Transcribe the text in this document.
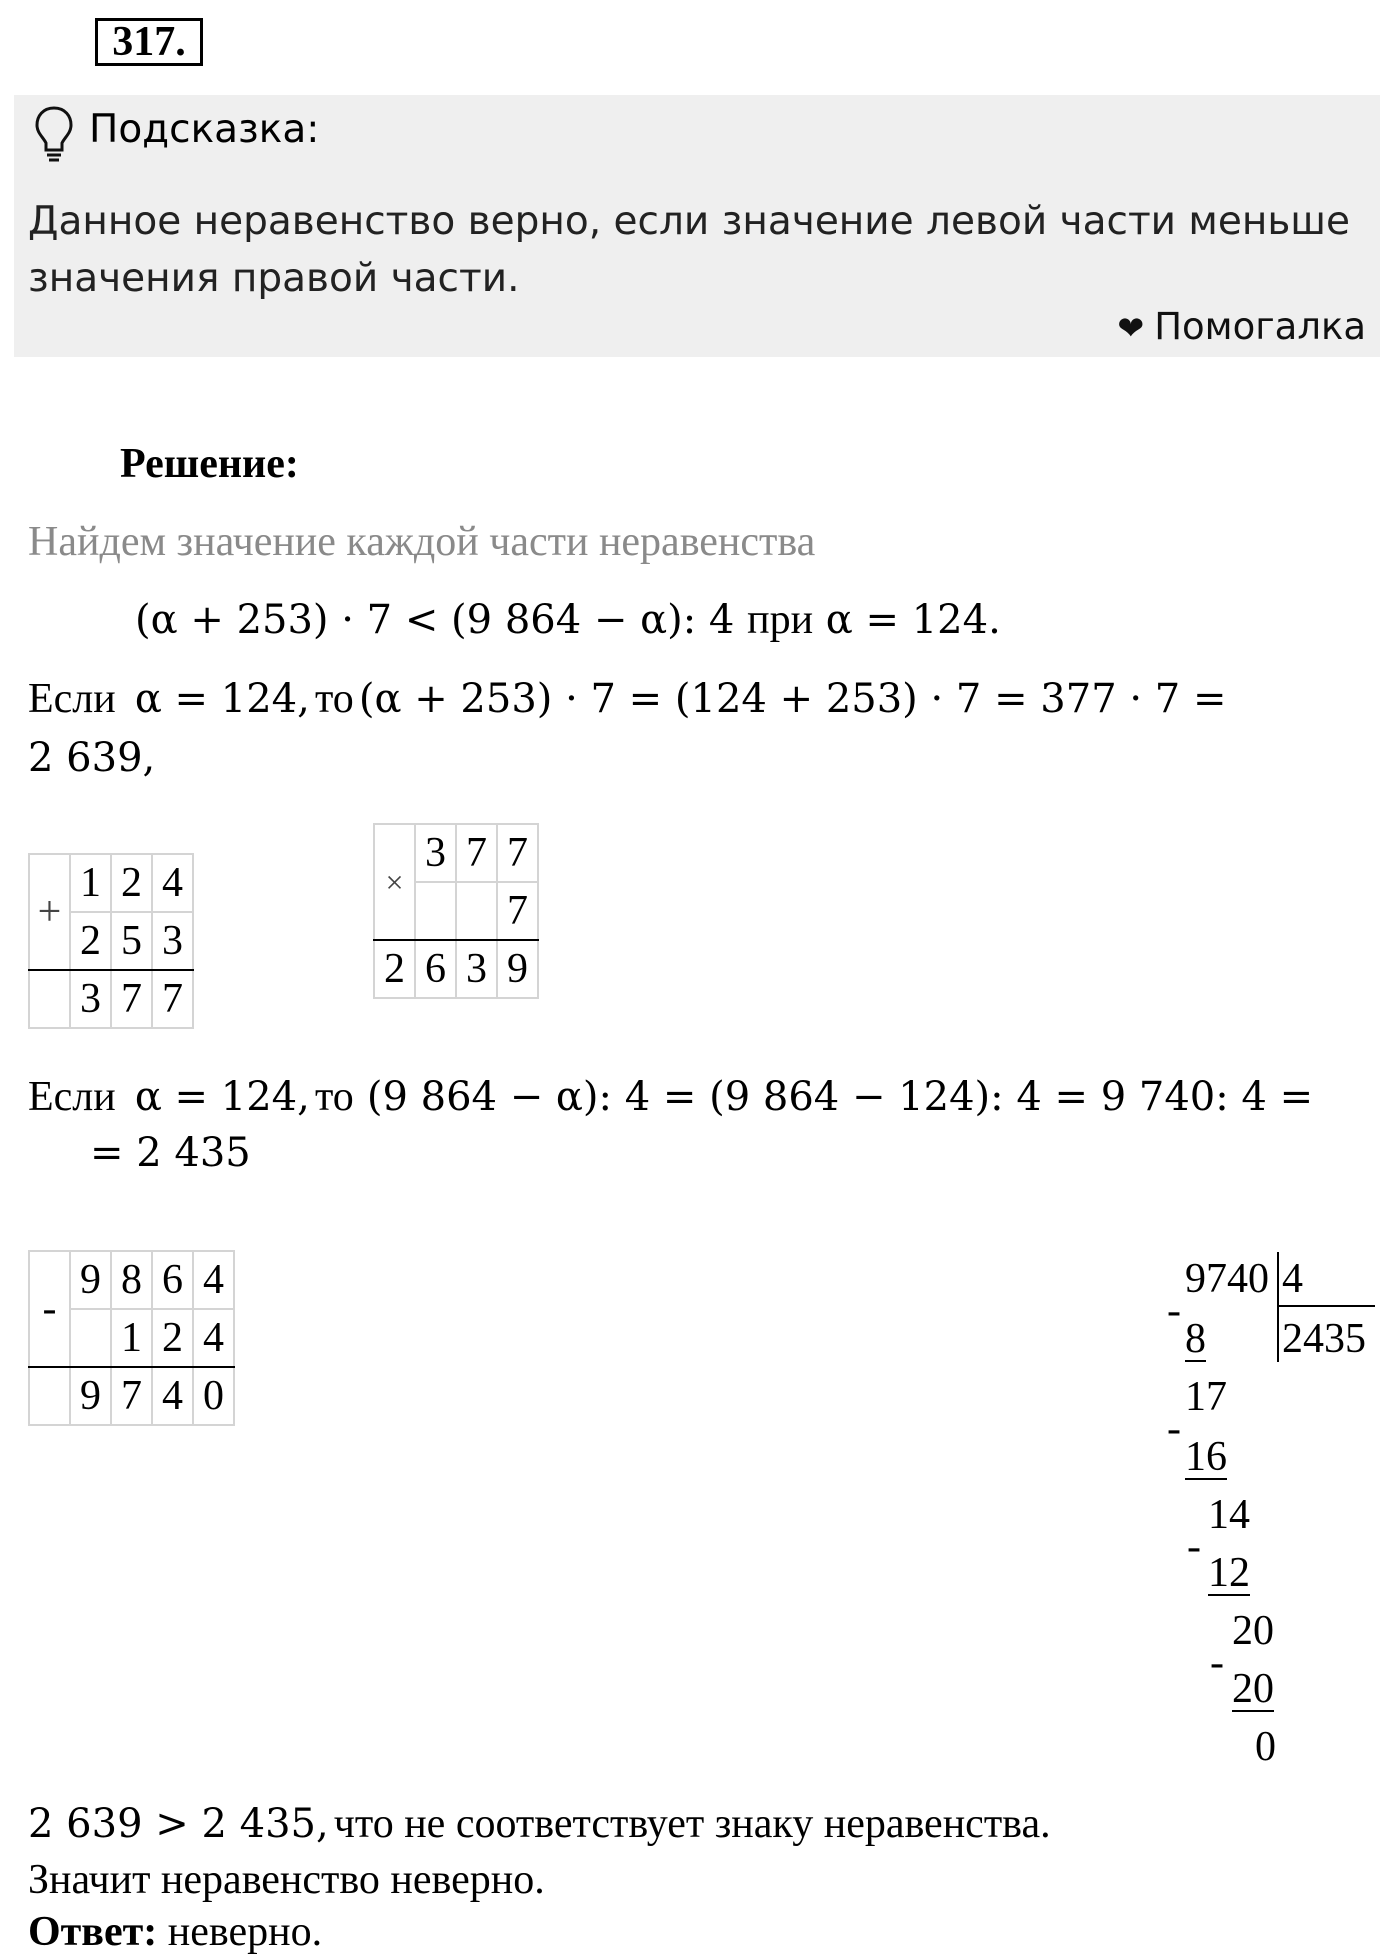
317.
Подсказка:
Данное неравенство верно, если значение левой части меньше значения правой части.
❤ Помогалка
Решение:
Найдем значение каждой части неравенства
(α + 253) · 7 < (9 864 − α): 4 при α = 124.
Если α = 124, то (α + 253) · 7 = (124 + 253) · 7 = 377 · 7 =
2 639,
+	1	2	4
	2	5	3
	3	7	7
×	3	7	7
			7
2	6	3	9
Если α = 124, то (9 864 − α): 4 = (9 864 − 124): 4 = 9 740: 4 =
= 2 435
-	9	8	6	4
		1	2	4
	9	7	4	0
9740 4
2435
-
8
17
-
16
14
-
12
20
-
20
0
2 639 > 2 435, что не соответствует знаку неравенства.
Значит неравенство неверно.
Ответ: неверно.
